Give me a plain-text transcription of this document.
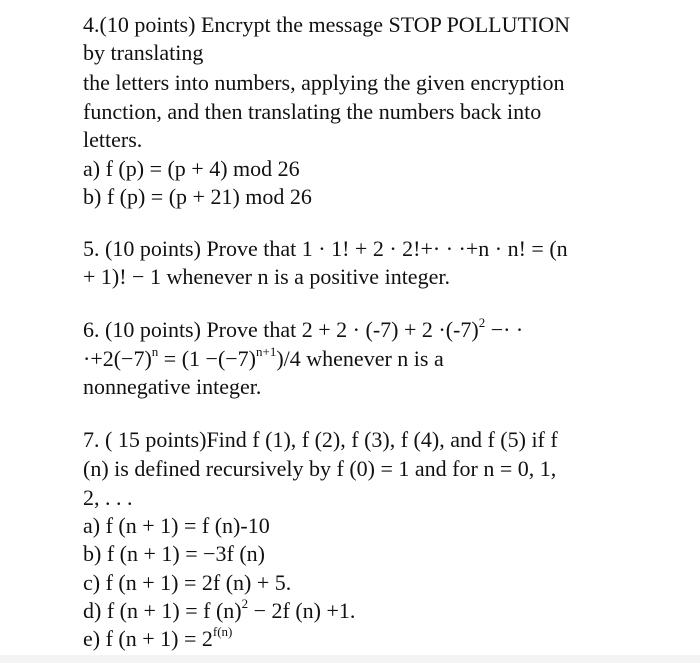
4.(10 points) Encrypt the message STOP POLLUTION
by translating
the letters into numbers, applying the given encryption
function, and then translating the numbers back into
letters.
a) f (p) = (p + 4) mod 26
b) f (p) = (p + 21) mod 26
5. (10 points) Prove that 1 · 1! + 2 · 2!+· · ·+n · n! = (n
+ 1)! − 1 whenever n is a positive integer.
6. (10 points) Prove that $2 + 2 \cdot (-7) + 2 \cdot(-7)^2$ −· ·
$\cdot+2(-7)^n = (1 -(-7)^{n+1})/4$ whenever n is a
nonnegative integer.
7. ( 15 points)Find f (1), f (2), f (3), f (4), and f (5) if f
(n) is defined recursively by f (0) = 1 and for n = 0, 1,
2, . . .
a) f (n + 1) = f (n)-10
b) f (n + 1) = −3f (n)
c) f (n + 1) = 2f (n) + 5.
d) f (n + 1) = f $(n)^2 - 2f$ (n) +1.
e) f $(n + 1) = 2^{f(n)}$
